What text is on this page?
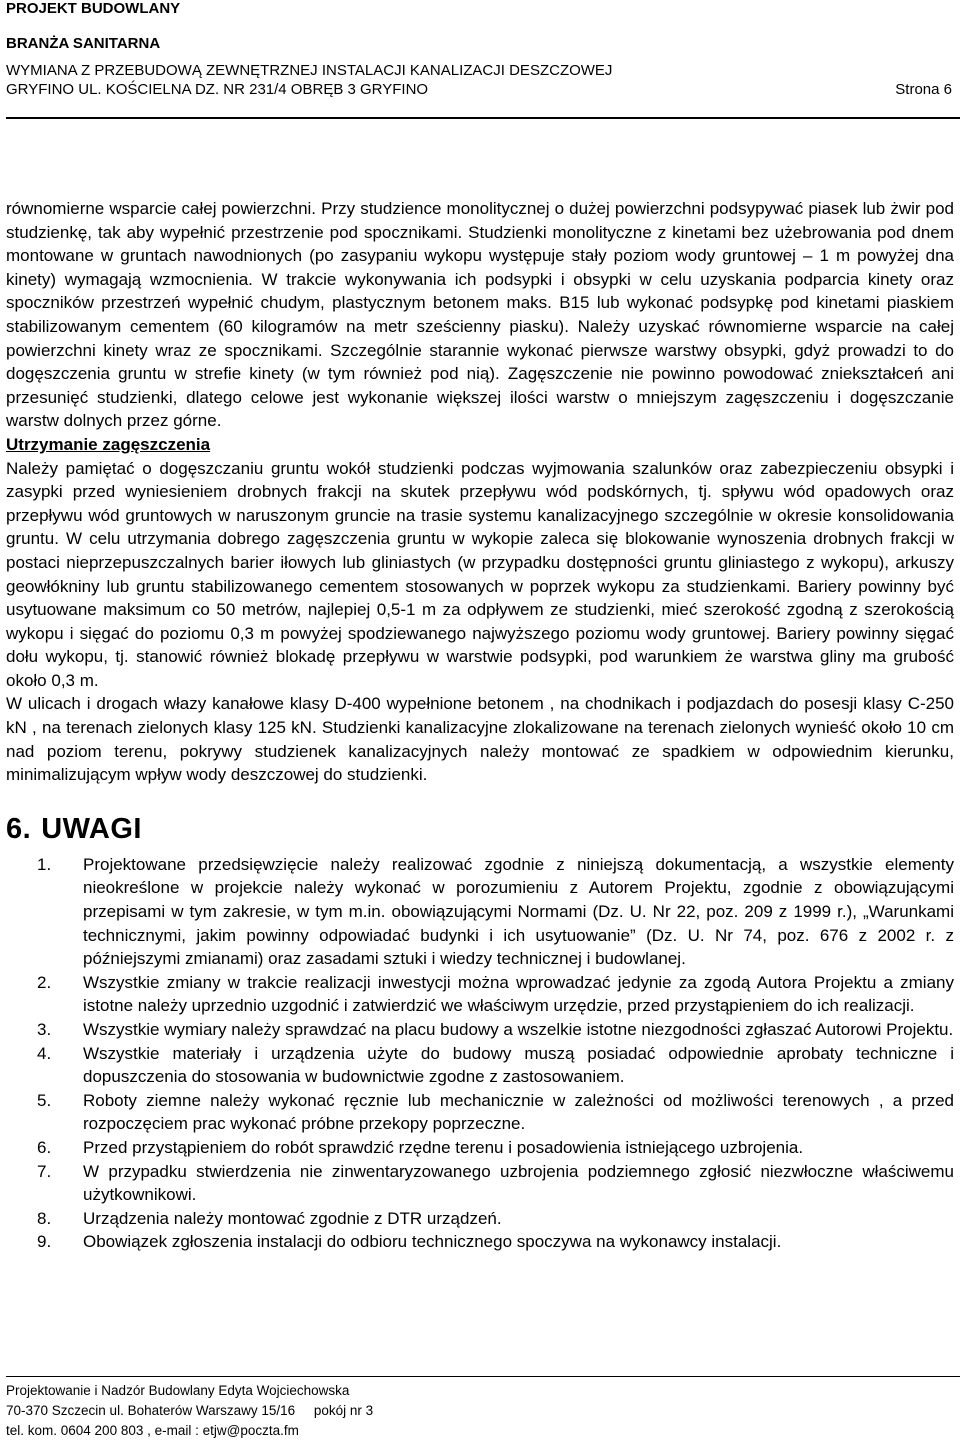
PROJEKT BUDOWLANY
BRANŻA SANITARNA
WYMIANA Z PRZEBUDOWĄ ZEWNĘTRZNEJ INSTALACJI KANALIZACJI DESZCZOWEJ
GRYFINO UL. KOŚCIELNA DZ. NR 231/4 OBRĘB 3 GRYFINO	Strona 6

równomierne wsparcie całej powierzchni. Przy studzience monolitycznej o dużej powierzchni podsypywać piasek lub żwir pod studzienkę, tak aby wypełnić przestrzenie pod spocznikami. Studzienki monolityczne z kinetami bez użebrowania pod dnem montowane w gruntach nawodnionych (po zasypaniu wykopu występuje stały poziom wody gruntowej – 1 m powyżej dna kinety) wymagają wzmocnienia. W trakcie wykonywania ich podsypki i obsypki w celu uzyskania podparcia kinety oraz spoczników przestrzeń wypełnić chudym, plastycznym betonem maks. B15 lub wykonać podsypkę pod kinetami piaskiem stabilizowanym cementem (60 kilogramów na metr sześcienny piasku). Należy uzyskać równomierne wsparcie na całej powierzchni kinety wraz ze spocznikami. Szczególnie starannie wykonać pierwsze warstwy obsypki, gdyż prowadzi to do dogęszczenia gruntu w strefie kinety (w tym również pod nią). Zagęszczenie nie powinno powodować zniekształceń ani przesunięć studzienki, dlatego celowe jest wykonanie większej ilości warstw o mniejszym zagęszczeniu i dogęszczanie warstw dolnych przez górne.

Utrzymanie zagęszczenia

Należy pamiętać o dogęszczaniu gruntu wokół studzienki podczas wyjmowania szalunków oraz zabezpieczeniu obsypki i zasypki przed wyniesieniem drobnych frakcji na skutek przepływu wód podskórnych, tj. spływu wód opadowych oraz przepływu wód gruntowych w naruszonym gruncie na trasie systemu kanalizacyjnego szczególnie w okresie konsolidowania gruntu. W celu utrzymania dobrego zagęszczenia gruntu w wykopie zaleca się blokowanie wynoszenia drobnych frakcji w postaci nieprzepuszczalnych barier iłowych lub gliniastych (w przypadku dostępności gruntu gliniastego z wykopu), arkuszy geowłókniny lub gruntu stabilizowanego cementem stosowanych w poprzek wykopu za studzienkami. Bariery powinny być usytuowane maksimum co 50 metrów, najlepiej 0,5-1 m za odpływem ze studzienki, mieć szerokość zgodną z szerokością wykopu i sięgać do poziomu 0,3 m powyżej spodziewanego najwyższego poziomu wody gruntowej. Bariery powinny sięgać dołu wykopu, tj. stanowić również blokadę przepływu w warstwie podsypki, pod warunkiem że warstwa gliny ma grubość około 0,3 m.

W ulicach i drogach włazy kanałowe klasy D-400 wypełnione betonem , na chodnikach i podjazdach do posesji klasy C-250 kN , na terenach zielonych klasy 125 kN. Studzienki kanalizacyjne zlokalizowane na terenach zielonych wynieść około 10 cm nad poziom terenu, pokrywy studzienek kanalizacyjnych należy montować ze spadkiem w odpowiednim kierunku, minimalizującym wpływ wody deszczowej do studzienki.

6. UWAGI
1.	Projektowane przedsięwzięcie należy realizować zgodnie z niniejszą dokumentacją, a wszystkie elementy nieokreślone w projekcie należy wykonać w porozumieniu z Autorem Projektu, zgodnie z obowiązującymi przepisami w tym zakresie, w tym m.in. obowiązującymi Normami (Dz. U. Nr 22, poz. 209 z 1999 r.), „Warunkami technicznymi, jakim powinny odpowiadać budynki i ich usytuowanie” (Dz. U. Nr 74, poz. 676 z 2002 r. z późniejszymi zmianami) oraz zasadami sztuki i wiedzy technicznej i budowlanej.
2.	Wszystkie zmiany w trakcie realizacji inwestycji można wprowadzać jedynie za zgodą Autora Projektu a zmiany istotne należy uprzednio uzgodnić i zatwierdzić we właściwym urzędzie, przed przystąpieniem do ich realizacji.
3.	Wszystkie wymiary należy sprawdzać na placu budowy a wszelkie istotne niezgodności zgłaszać Autorowi Projektu.
4.	Wszystkie materiały i urządzenia użyte do budowy muszą posiadać odpowiednie aprobaty techniczne i dopuszczenia do stosowania w budownictwie zgodne z zastosowaniem.
5.	Roboty ziemne należy wykonać ręcznie lub mechanicznie w zależności od możliwości terenowych , a przed rozpoczęciem prac wykonać próbne przekopy poprzeczne.
6.	Przed przystąpieniem do robót sprawdzić rzędne terenu i posadowienia istniejącego uzbrojenia.
7.	W przypadku stwierdzenia nie zinwentaryzowanego uzbrojenia podziemnego zgłosić niezwłoczne właściwemu użytkownikowi.
8.	Urządzenia należy montować zgodnie z DTR urządzeń.
9.	Obowiązek zgłoszenia instalacji do odbioru technicznego spoczywa na wykonawcy instalacji.
Projektowanie i Nadzór Budowlany Edyta Wojciechowska
70-370 Szczecin ul. Bohaterów Warszawy 15/16     pokój nr 3
tel. kom. 0604 200 803 , e-mail : etjw@poczta.fm
